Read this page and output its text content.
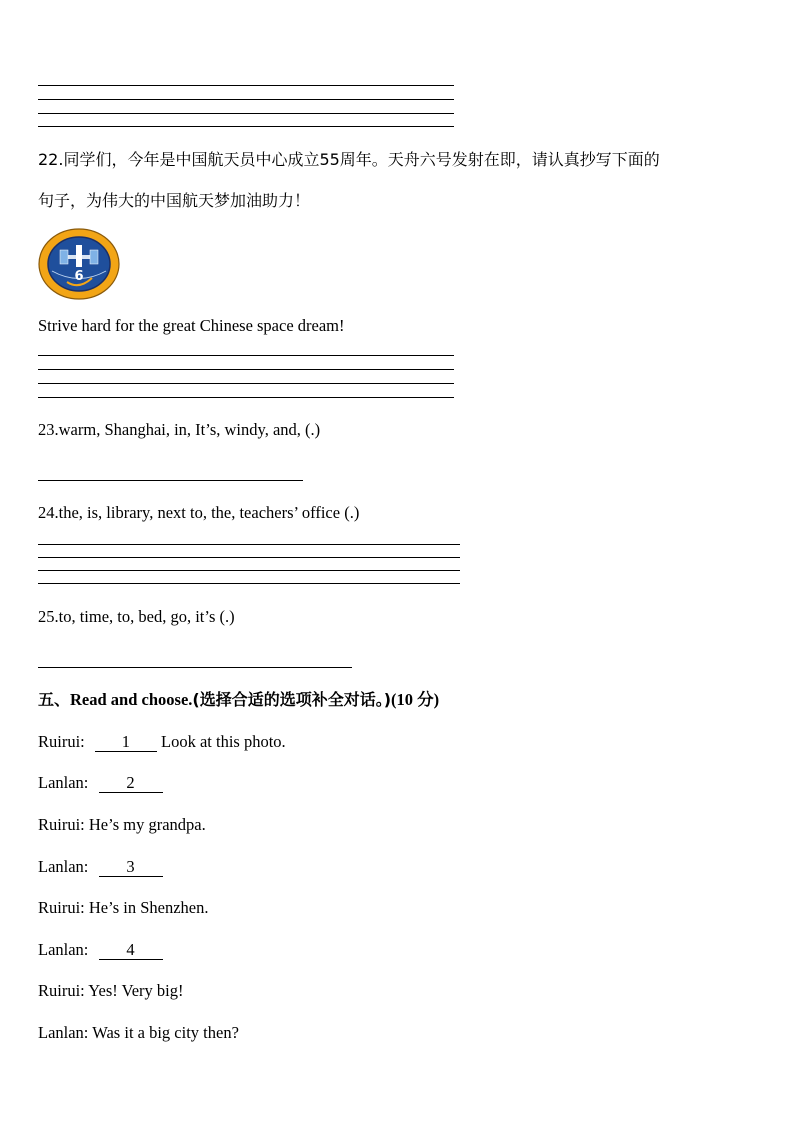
22.同学们，今年是中国航天员中心成立55周年。天舟六号发射在即，请认真抄写下面的
句子，为伟大的中国航天梦加油助力！
6
Strive hard for the great Chinese space dream!
23.warm, Shanghai, in, It’s, windy, and, (.)
24.the, is, library, next to, the, teachers’ office (.)
25.to, time, to, bed, go, it’s (.)
五、Read and choose.(选择合适的选项补全对话。)(10 分)
Ruirui: 1 Look at this photo.
Lanlan: 2
Ruirui: He’s my grandpa.
Lanlan: 3
Ruirui: He’s in Shenzhen.
Lanlan: 4
Ruirui: Yes! Very big!
Lanlan: Was it a big city then?
